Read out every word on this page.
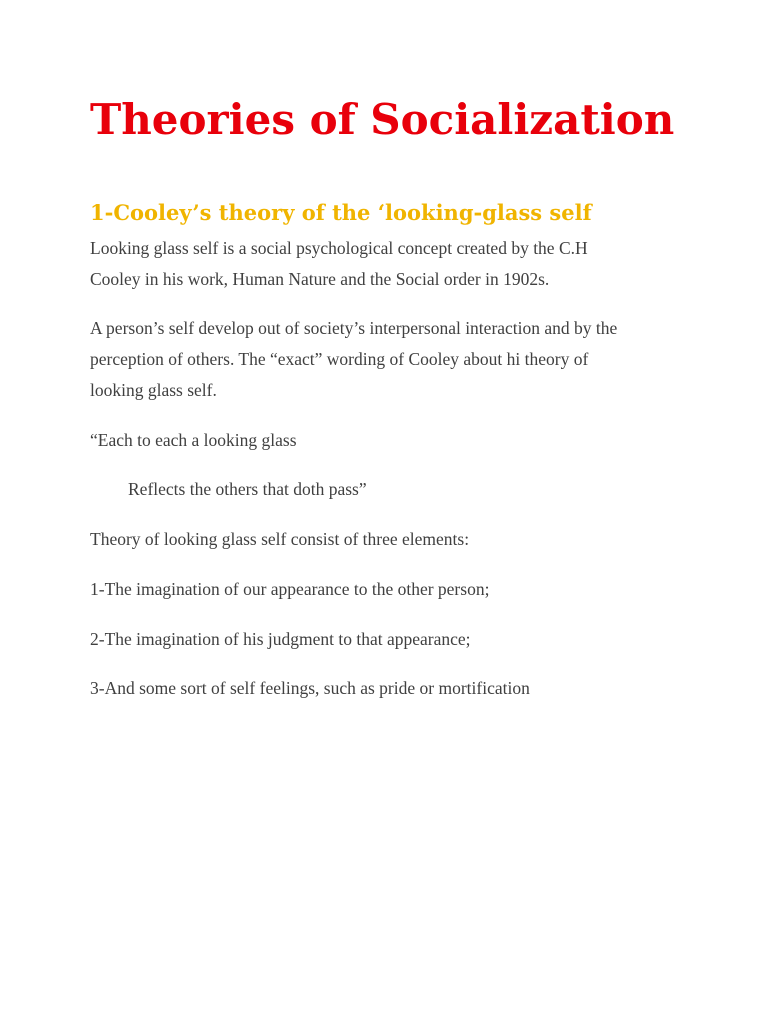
Theories of Socialization
1-Cooley’s theory of the ‘looking-glass self

Looking glass self is a social psychological concept created by the C.H
Cooley in his work, Human Nature and the Social order in 1902s.

A person’s self develop out of society’s interpersonal interaction and by the
perception of others. The “exact” wording of Cooley about hi theory of
looking glass self.

“Each to each a looking glass

Reflects the others that doth pass”

Theory of looking glass self consist of three elements:

1-The imagination of our appearance to the other person;

2-The imagination of his judgment to that appearance;

3-And some sort of self feelings, such as pride or mortification
